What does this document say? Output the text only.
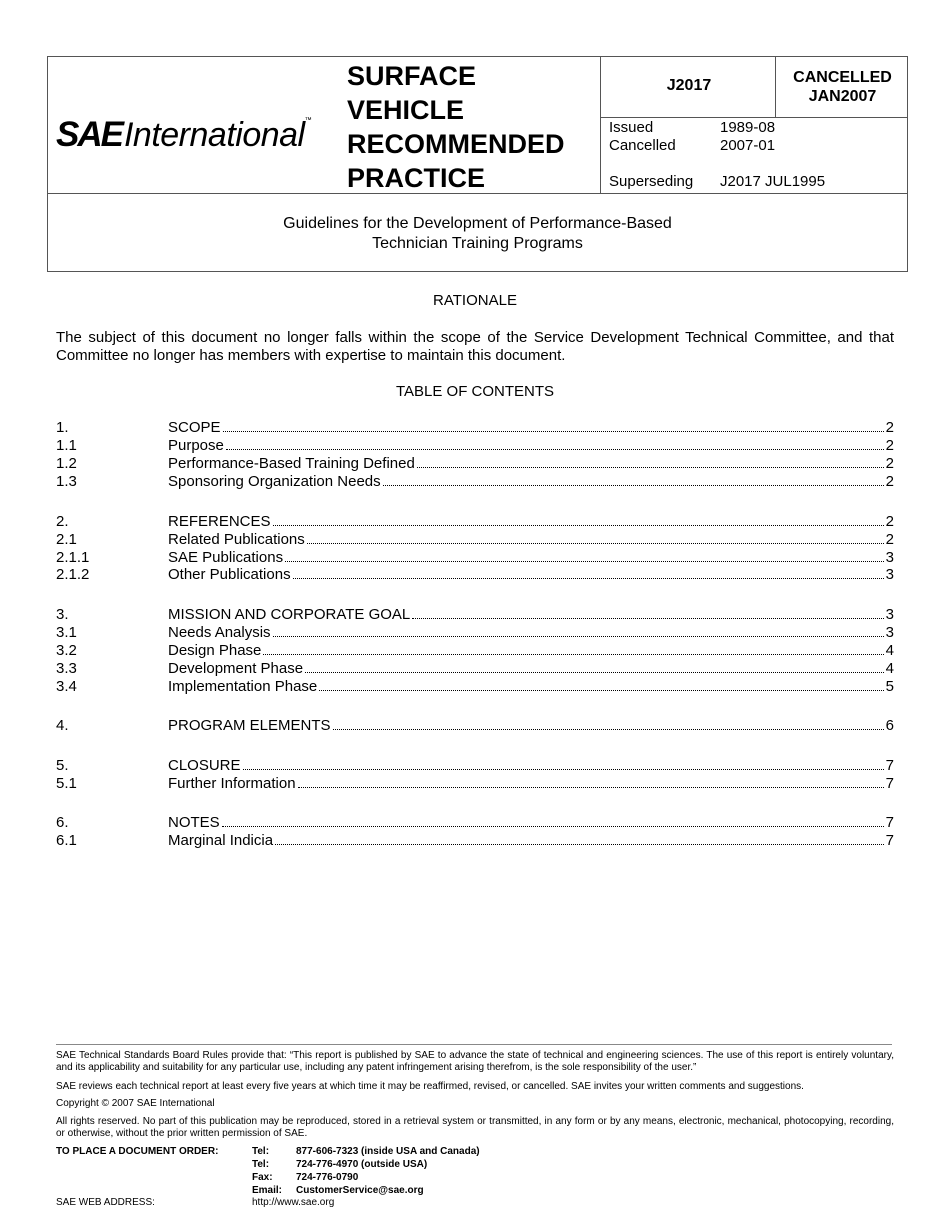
SAEInternational™
SURFACE
VEHICLE
RECOMMENDED
PRACTICE
J2017	CANCELLED
JAN2007
Issued	1989-08
Cancelled	2007-01
Superseding J2017 JUL1995
Guidelines for the Development of Performance-Based
Technician Training Programs
RATIONALE
The subject of this document no longer falls within the scope of the Service Development Technical Committee, and that Committee no longer has members with expertise to maintain this document.
TABLE OF CONTENTS
1.	SCOPE	2
1.1	Purpose	2
1.2	Performance-Based Training Defined	2
1.3	Sponsoring Organization Needs	2
2.	REFERENCES	2
2.1	Related Publications	2
2.1.1	SAE Publications	3
2.1.2	Other Publications	3
3.	MISSION AND CORPORATE GOAL	3
3.1	Needs Analysis	3
3.2	Design Phase	4
3.3	Development Phase	4
3.4	Implementation Phase	5
4.	PROGRAM ELEMENTS	6
5.	CLOSURE	7
5.1	Further Information	7
6.	NOTES	7
6.1	Marginal Indicia	7
SAE Technical Standards Board Rules provide that: “This report is published by SAE to advance the state of technical and engineering sciences. The use of this report is entirely voluntary, and its applicability and suitability for any particular use, including any patent infringement arising therefrom, is the sole responsibility of the user.”
SAE reviews each technical report at least every five years at which time it may be reaffirmed, revised, or cancelled. SAE invites your written comments and suggestions.
Copyright © 2007 SAE International
All rights reserved. No part of this publication may be reproduced, stored in a retrieval system or transmitted, in any form or by any means, electronic, mechanical, photocopying, recording, or otherwise, without the prior written permission of SAE.
TO PLACE A DOCUMENT ORDER:	Tel:	877-606-7323 (inside USA and Canada)
Tel:	724-776-4970 (outside USA)
Fax: 724-776-0790
Email: CustomerService@sae.org
SAE WEB ADDRESS:	http://www.sae.org
